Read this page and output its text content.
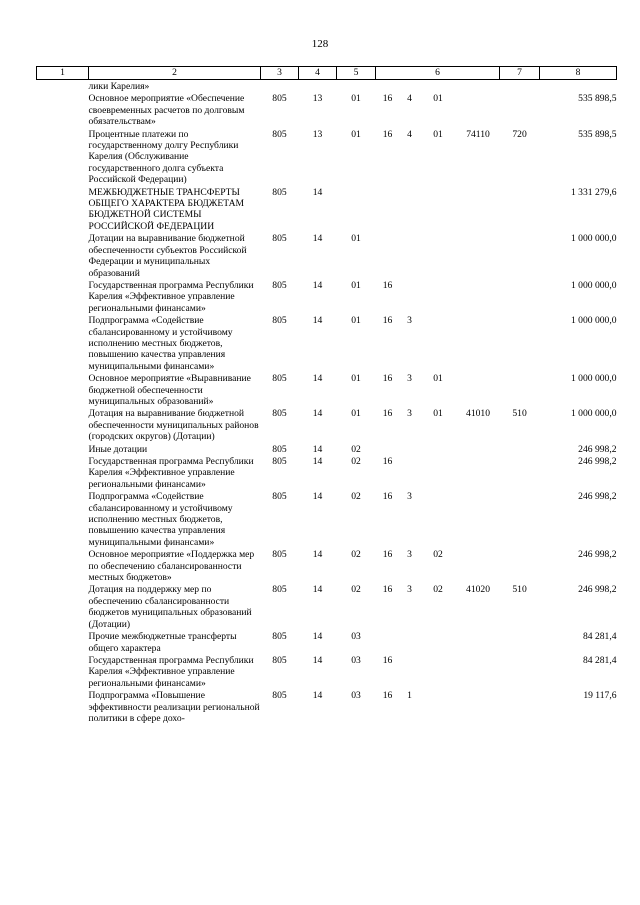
128
1	2	3	4	5	6				7	8
	лики Карелия»									
	Основное мероприятие «Обеспечение своевременных расчетов по долговым обязательствам»	805	13	01	16	4	01			535 898,5
	Процентные платежи по государственному долгу Республики Карелия (Обслуживание государственного долга субъекта Российской Федерации)	805	13	01	16	4	01	74110	720	535 898,5
	МЕЖБЮДЖЕТНЫЕ ТРАНСФЕРТЫ ОБЩЕГО ХАРАКТЕРА БЮДЖЕТАМ БЮДЖЕТНОЙ СИСТЕМЫ РОССИЙСКОЙ ФЕДЕРАЦИИ	805	14							1 331 279,6
	Дотации на выравнивание бюджетной обеспеченности субъектов Российской Федерации и муниципальных образований	805	14	01						1 000 000,0
	Государственная программа Республики Карелия «Эффективное управление региональными финансами»	805	14	01	16					1 000 000,0
	Подпрограмма «Содействие сбалансированному и устойчивому исполнению местных бюджетов, повышению качества управления муниципальными финансами»	805	14	01	16	3				1 000 000,0
	Основное мероприятие «Выравнивание бюджетной обеспеченности муниципальных образований»	805	14	01	16	3	01			1 000 000,0
	Дотация на выравнивание бюджетной обеспеченности муниципальных районов (городских округов) (Дотации)	805	14	01	16	3	01	41010	510	1 000 000,0
	Иные дотации	805	14	02						246 998,2
	Государственная программа Республики Карелия «Эффективное управление региональными финансами»	805	14	02	16					246 998,2
	Подпрограмма «Содействие сбалансированному и устойчивому исполнению местных бюджетов, повышению качества управления муниципальными финансами»	805	14	02	16	3				246 998,2
	Основное мероприятие «Поддержка мер по обеспечению сбалансированности местных бюджетов»	805	14	02	16	3	02			246 998,2
	Дотация на поддержку мер по обеспечению сбалансированности бюджетов муниципальных образований (Дотации)	805	14	02	16	3	02	41020	510	246 998,2
	Прочие межбюджетные трансферты общего характера	805	14	03						84 281,4
	Государственная программа Республики Карелия «Эффективное управление региональными финансами»	805	14	03	16					84 281,4
	Подпрограмма «Повышение эффективности реализации региональной политики в сфере дохо-	805	14	03	16	1				19 117,6
